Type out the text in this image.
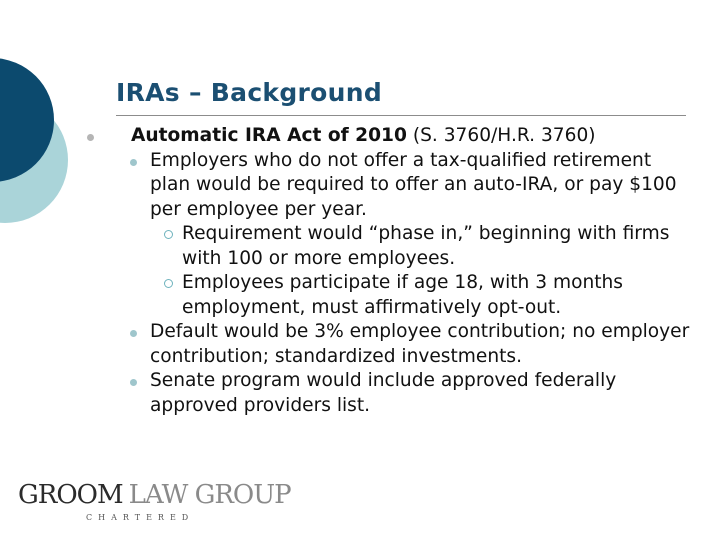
IRAs – Background
Automatic IRA Act of 2010 (S. 3760/H.R. 3760)
Employers who do not offer a tax-qualified retirement plan would be required to offer an auto-IRA, or pay $100 per employee per year.
Requirement would “phase in,” beginning with firms with 100 or more employees.
Employees participate if age 18, with 3 months employment, must affirmatively opt-out.
Default would be 3% employee contribution; no employer contribution; standardized investments.
Senate program would include approved federally approved providers list.
GROOM LAW GROUP
CHARTERED
